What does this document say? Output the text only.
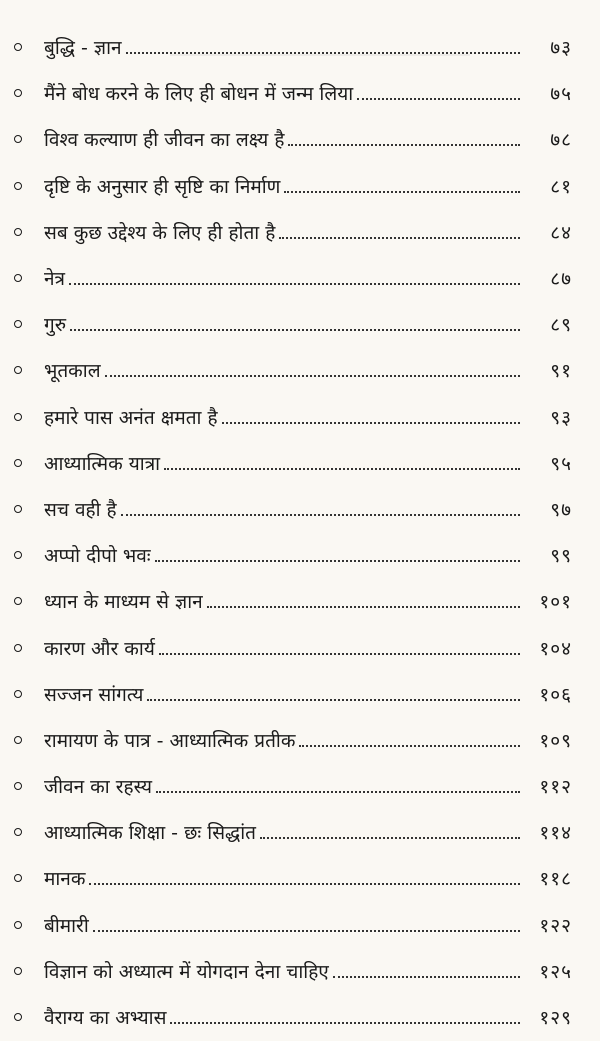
बुद्धि - ज्ञान	७३
मैंने बोध करने के लिए ही बोधन में जन्म लिया	७५
विश्व कल्याण ही जीवन का लक्ष्य है	७८
दृष्टि के अनुसार ही सृष्टि का निर्माण	८१
सब कुछ उद्देश्य के लिए ही होता है	८४
नेत्र	८७
गुरु	८९
भूतकाल	९१
हमारे पास अनंत क्षमता है	९३
आध्यात्मिक यात्रा	९५
सच वही है	९७
अप्पो दीपो भवः	९९
ध्यान के माध्यम से ज्ञान	१०१
कारण और कार्य	१०४
सज्जन सांगत्य	१०६
रामायण के पात्र - आध्यात्मिक प्रतीक	१०९
जीवन का रहस्य	११२
आध्यात्मिक शिक्षा - छः सिद्धांत	११४
मानक	११८
बीमारी	१२२
विज्ञान को अध्यात्म में योगदान देना चाहिए	१२५
वैराग्य का अभ्यास	१२९
